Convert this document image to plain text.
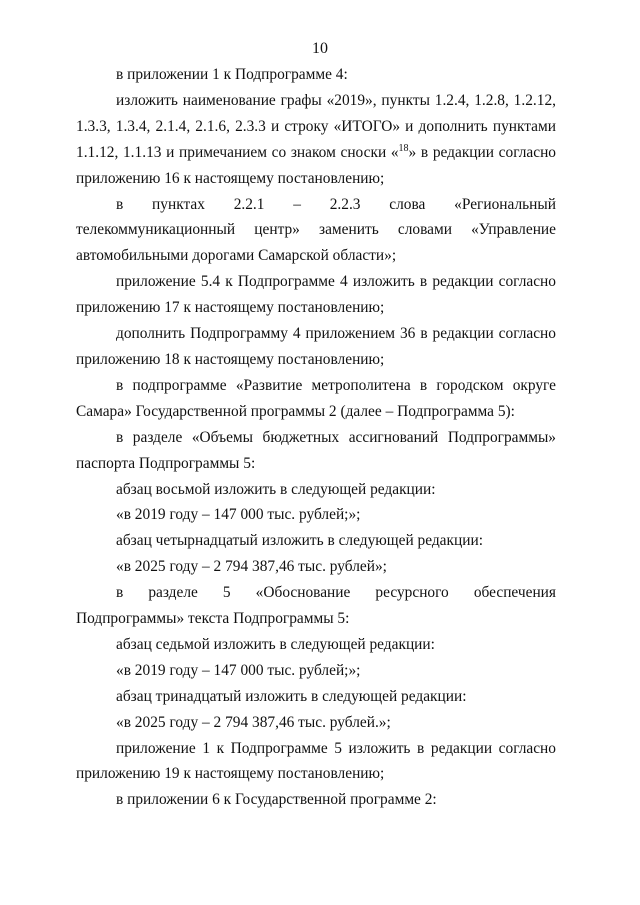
10

в приложении 1 к Подпрограмме 4:

изложить наименование графы «2019», пункты 1.2.4, 1.2.8, 1.2.12, 1.3.3, 1.3.4, 2.1.4, 2.1.6, 2.3.3 и строку «ИТОГО» и дополнить пунктами 1.1.12, 1.1.13 и примечанием со знаком сноски «$^{18}$» в редакции согласно приложению 16 к настоящему постановлению;

в пунктах 2.2.1 – 2.2.3 слова «Региональный телекоммуникационный центр» заменить словами «Управление автомобильными дорогами Самарской области»;

приложение 5.4 к Подпрограмме 4 изложить в редакции согласно приложению 17 к настоящему постановлению;

дополнить Подпрограмму 4 приложением 36 в редакции согласно приложению 18 к настоящему постановлению;

в подпрограмме «Развитие метрополитена в городском округе Самара» Государственной программы 2 (далее – Подпрограмма 5):

в разделе «Объемы бюджетных ассигнований Подпрограммы» паспорта Подпрограммы 5:

абзац восьмой изложить в следующей редакции:

«в 2019 году – 147 000 тыс. рублей;»;

абзац четырнадцатый изложить в следующей редакции:

«в 2025 году – 2 794 387,46 тыс. рублей»;

в разделе 5 «Обоснование ресурсного обеспечения Подпрограммы» текста Подпрограммы 5:

абзац седьмой изложить в следующей редакции:

«в 2019 году – 147 000 тыс. рублей;»;

абзац тринадцатый изложить в следующей редакции:

«в 2025 году – 2 794 387,46 тыс. рублей.»;

приложение 1 к Подпрограмме 5 изложить в редакции согласно приложению 19 к настоящему постановлению;

в приложении 6 к Государственной программе 2:
